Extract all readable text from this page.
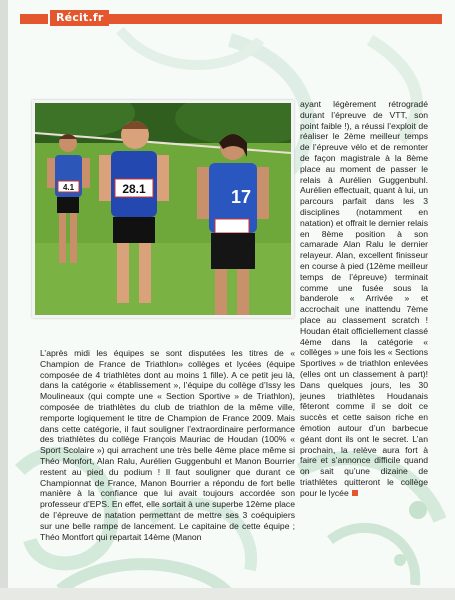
Récit.fr
4.1	28.1	17

ayant légèrement rétrogradé durant l’épreuve de VTT, son point faible !), a réussi l’exploit de réaliser le 2ème meilleur temps de l’épreuve vélo et de remonter de façon magistrale à la 8ème place au moment de passer le relais à Aurélien Guggenbuhl. Aurélien effectuait, quant à lui, un parcours parfait dans les 3 disciplines (notamment en natation) et offrait le dernier relais en 8ème position à son camarade Alan Ralu le dernier relayeur. Alan, excellent finisseur en course à pied (12ème meilleur temps de l’épreuve) terminait comme une fusée sous la banderole « Arrivée » et accrochait une inattendu 7ème place au classement scratch ! Houdan était officiellement classé 4ème dans la catégorie « collèges » une fois les « Sections Sportives » de triathlon enlevées (elles ont un classement à part)! Dans quelques jours, les 30 jeunes triathlètes Houdanais fêteront comme il se doit ce succès et cette saison riche en émotion autour d’un barbecue géant dont ils ont le secret. L’an prochain, la relève aura fort à faire et s’annonce difficile quand on sait qu’une dizaine de triathlètes quitteront le collège pour le lycée

L’après midi les équipes se sont disputées les titres de « Champion de France de Triathlon» collèges et lycées (équipe composée de 4 triathlètes dont au moins 1 fille). A ce petit jeu là, dans la catégorie « établissement », l’équipe du collège d’Issy les Moulineaux (qui compte une « Section Sportive » de Triathlon), composée de triathlètes du club de triathlon de la même ville, remporte logiquement le titre de Champion de France 2009. Mais dans cette catégorie, il faut souligner l’extraordinaire performance des triathlètes du collège François Mauriac de Houdan (100% « Sport Scolaire ») qui arrachent une très belle 4ème place même si Théo Monfort, Alan Ralu, Aurélien Guggenbuhl et Manon Bourrier restent au pied du podium ! Il faut souligner que durant ce Championnat de France, Manon Bourrier a répondu de fort belle manière à la confiance que lui avait toujours accordée son professeur d’EPS. En effet, elle sortait à une superbe 12ème place de l’épreuve de natation permettant de mettre ses 3 coéquipiers sur une belle rampe de lancement. Le capitaine de cette équipe ; Théo Montfort qui repartait 14ème (Manon
